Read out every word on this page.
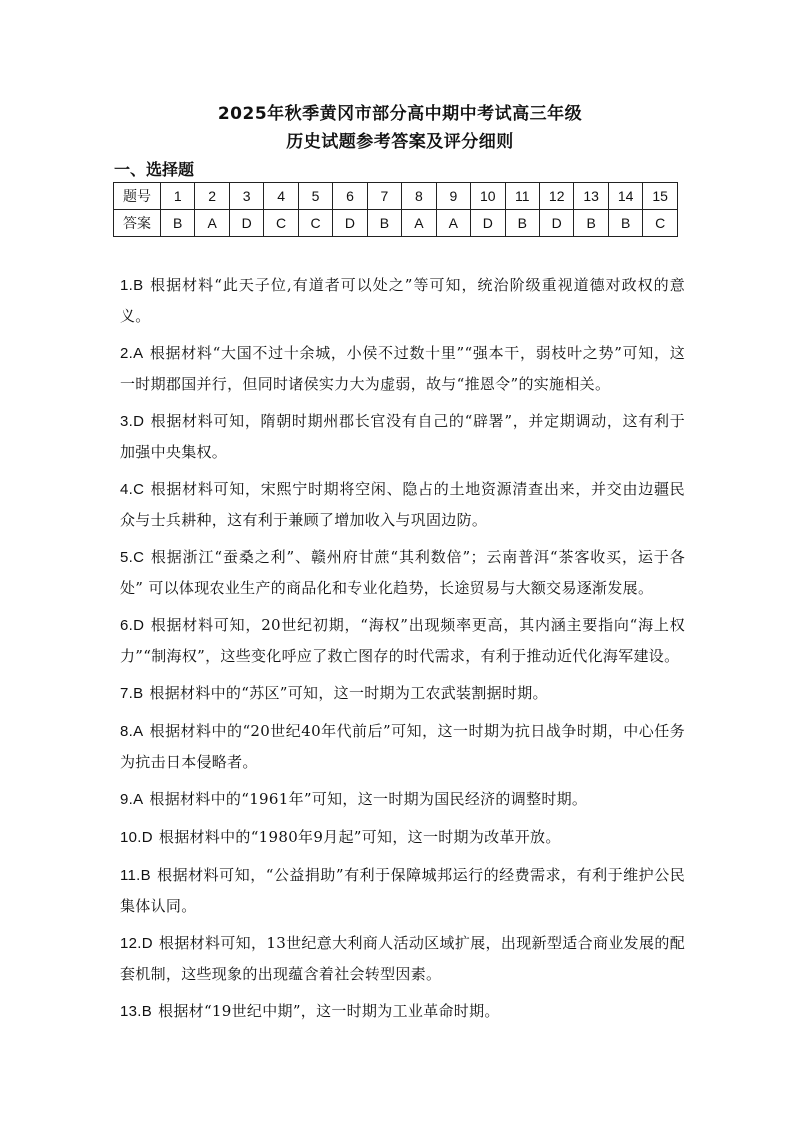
2025年秋季黄冈市部分高中期中考试高三年级
历史试题参考答案及评分细则
一、选择题
题号	1	2	3	4	5	6	7	8	9	10	11	12	13	14	15
答案	B	A	D	C	C	D	B	A	A	D	B	D	B	B	C
1.B 根据材料“此天子位,有道者可以处之”等可知，统治阶级重视道德对政权的意义。
2.A 根据材料“大国不过十余城，小侯不过数十里”“强本干，弱枝叶之势”可知，这一时期郡国并行，但同时诸侯实力大为虚弱，故与“推恩令”的实施相关。
3.D 根据材料可知，隋朝时期州郡长官没有自己的“辟署”，并定期调动，这有利于加强中央集权。
4.C 根据材料可知，宋熙宁时期将空闲、隐占的土地资源清查出来，并交由边疆民众与士兵耕种，这有利于兼顾了增加收入与巩固边防。
5.C 根据浙江“蚕桑之利”、赣州府甘蔗“其利数倍”；云南普洱“茶客收买，运于各处” 可以体现农业生产的商品化和专业化趋势，长途贸易与大额交易逐渐发展。
6.D 根据材料可知，20世纪初期，“海权”出现频率更高，其内涵主要指向“海上权力”“制海权”，这些变化呼应了救亡图存的时代需求，有利于推动近代化海军建设。
7.B 根据材料中的“苏区”可知，这一时期为工农武装割据时期。
8.A 根据材料中的“20世纪40年代前后”可知，这一时期为抗日战争时期，中心任务为抗击日本侵略者。
9.A 根据材料中的“1961年”可知，这一时期为国民经济的调整时期。
10.D 根据材料中的“1980年9月起”可知，这一时期为改革开放。
11.B 根据材料可知，“公益捐助”有利于保障城邦运行的经费需求，有利于维护公民集体认同。
12.D 根据材料可知，13世纪意大利商人活动区域扩展，出现新型适合商业发展的配套机制，这些现象的出现蕴含着社会转型因素。
13.B 根据材“19世纪中期”，这一时期为工业革命时期。
